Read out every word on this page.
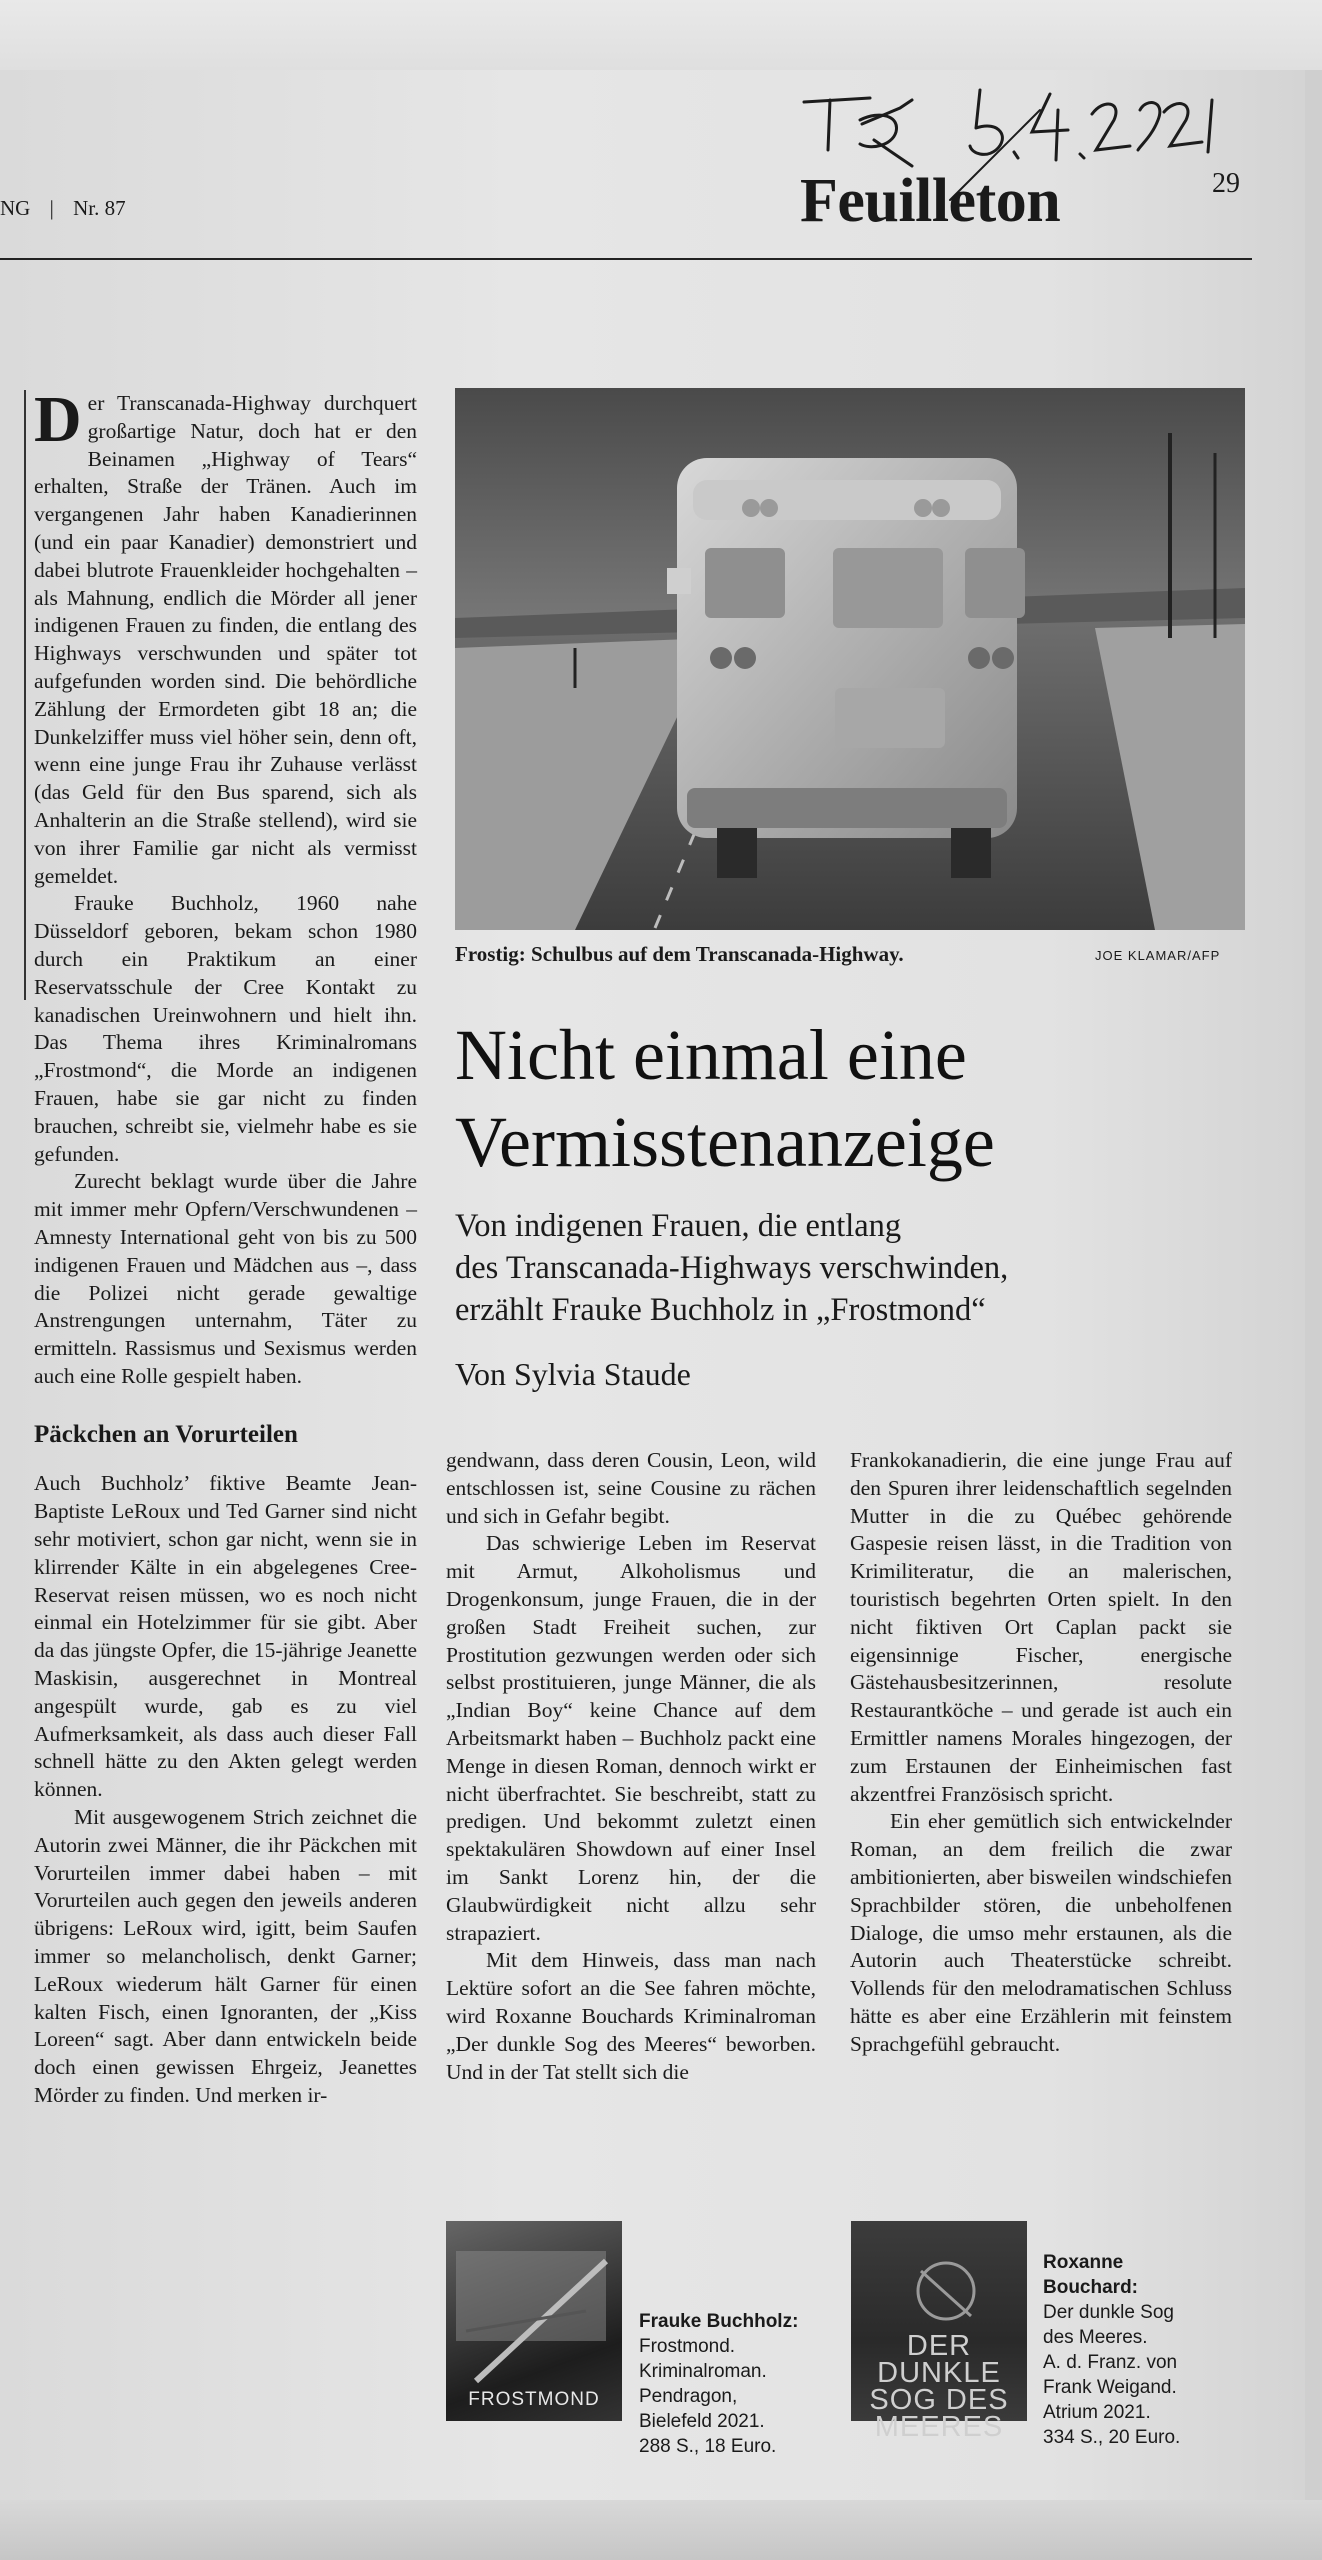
NG | Nr. 87	Feuilleton	29
Frostig: Schulbus auf dem Transcanada-Highway.	JOE KLAMAR/AFP
Nicht einmal eine
Vermisstenanzeige
Von indigenen Frauen, die entlang
des Transcanada-Highways verschwinden,
erzählt Frauke Buchholz in „Frostmond“
Von Sylvia Staude

Der Transcanada-Highway durchquert großartige Natur, doch hat er den Beinamen „Highway of Tears“ erhalten, Straße der Tränen. Auch im vergangenen Jahr haben Kanadierinnen (und ein paar Kanadier) demonstriert und dabei blutrote Frauenkleider hochgehalten – als Mahnung, endlich die Mörder all jener indigenen Frauen zu finden, die entlang des Highways verschwunden und später tot aufgefunden worden sind. Die behördliche Zählung der Ermordeten gibt 18 an; die Dunkelziffer muss viel höher sein, denn oft, wenn eine junge Frau ihr Zuhause verlässt (das Geld für den Bus sparend, sich als Anhalterin an die Straße stellend), wird sie von ihrer Familie gar nicht als vermisst gemeldet.

Frauke Buchholz, 1960 nahe Düsseldorf geboren, bekam schon 1980 durch ein Praktikum an einer Reservatsschule der Cree Kontakt zu kanadischen Ureinwohnern und hielt ihn. Das Thema ihres Kriminalromans „Frostmond“, die Morde an indigenen Frauen, habe sie gar nicht zu finden brauchen, schreibt sie, vielmehr habe es sie gefunden.

Zurecht beklagt wurde über die Jahre mit immer mehr Opfern/Verschwundenen – Amnesty International geht von bis zu 500 indigenen Frauen und Mädchen aus –, dass die Polizei nicht gerade gewaltige Anstrengungen unternahm, Täter zu ermitteln. Rassismus und Sexismus werden auch eine Rolle gespielt haben.

Päckchen an Vorurteilen

Auch Buchholz’ fiktive Beamte Jean-Baptiste LeRoux und Ted Garner sind nicht sehr motiviert, schon gar nicht, wenn sie in klirrender Kälte in ein abgelegenes Cree-Reservat reisen müssen, wo es noch nicht einmal ein Hotelzimmer für sie gibt. Aber da das jüngste Opfer, die 15-jährige Jeanette Maskisin, ausgerechnet in Montreal angespült wurde, gab es zu viel Aufmerksamkeit, als dass auch dieser Fall schnell hätte zu den Akten gelegt werden können.

Mit ausgewogenem Strich zeichnet die Autorin zwei Männer, die ihr Päckchen mit Vorurteilen immer dabei haben – mit Vorurteilen auch gegen den jeweils anderen übrigens: LeRoux wird, igitt, beim Saufen immer so melancholisch, denkt Garner; LeRoux wiederum hält Garner für einen kalten Fisch, einen Ignoranten, der „Kiss Loreen“ sagt. Aber dann entwickeln beide doch einen gewissen Ehrgeiz, Jeanettes Mörder zu finden. Und merken ir-

gendwann, dass deren Cousin, Leon, wild entschlossen ist, seine Cousine zu rächen und sich in Gefahr begibt.

Das schwierige Leben im Reservat mit Armut, Alkoholismus und Drogenkonsum, junge Frauen, die in der großen Stadt Freiheit suchen, zur Prostitution gezwungen werden oder sich selbst prostituieren, junge Männer, die als „Indian Boy“ keine Chance auf dem Arbeitsmarkt haben – Buchholz packt eine Menge in diesen Roman, dennoch wirkt er nicht überfrachtet. Sie beschreibt, statt zu predigen. Und bekommt zuletzt einen spektakulären Showdown auf einer Insel im Sankt Lorenz hin, der die Glaubwürdigkeit nicht allzu sehr strapaziert.

Mit dem Hinweis, dass man nach Lektüre sofort an die See fahren möchte, wird Roxanne Bouchards Kriminalroman „Der dunkle Sog des Meeres“ beworben. Und in der Tat stellt sich die

Frankokanadierin, die eine junge Frau auf den Spuren ihrer leidenschaftlich segelnden Mutter in die zu Québec gehörende Gaspesie reisen lässt, in die Tradition von Krimiliteratur, die an malerischen, touristisch begehrten Orten spielt. In den nicht fiktiven Ort Caplan packt sie eigensinnige Fischer, energische Gästehausbesitzerinnen, resolute Restaurantköche – und gerade ist auch ein Ermittler namens Morales hingezogen, der zum Erstaunen der Einheimischen fast akzentfrei Französisch spricht.

Ein eher gemütlich sich entwickelnder Roman, an dem freilich die zwar ambitionierten, aber bisweilen windschiefen Sprachbilder stören, die unbeholfenen Dialoge, die umso mehr erstaunen, als die Autorin auch Theaterstücke schreibt. Vollends für den melodramatischen Schluss hätte es aber eine Erzählerin mit feinstem Sprachgefühl gebraucht.

FROSTMOND
Frauke Buchholz:
Frostmond.
Kriminalroman.
Pendragon,
Bielefeld 2021.
288 S., 18 Euro.
DER DUNKLE SOG DES MEERES
Roxanne
Bouchard:
Der dunkle Sog
des Meeres.
A. d. Franz. von
Frank Weigand.
Atrium 2021.
334 S., 20 Euro.
